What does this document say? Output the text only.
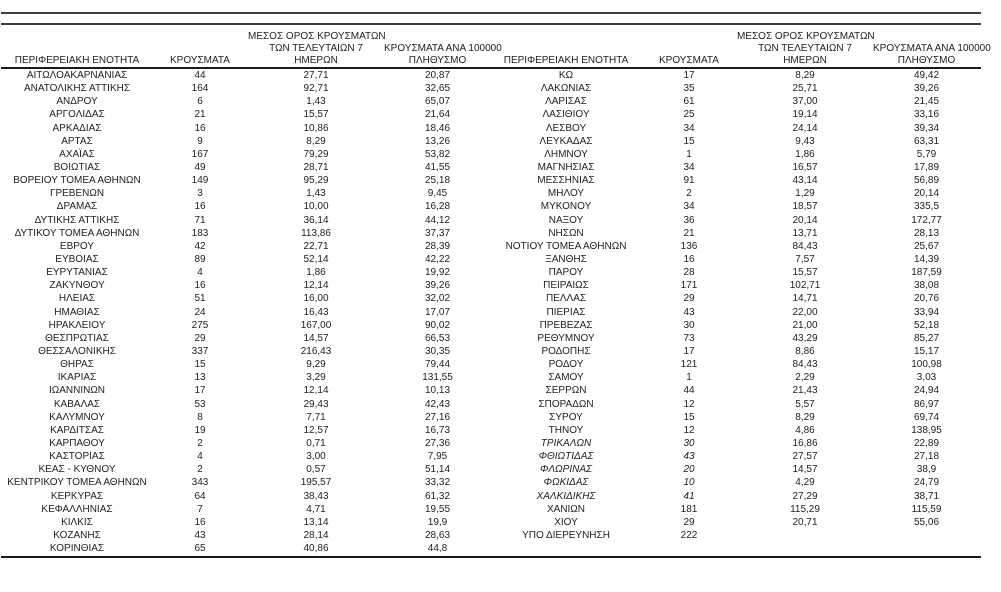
ΠΕΡΙΦΕΡΕΙΑΚΗ ΕΝΟΤΗΤΑ	ΚΡΟΥΣΜΑΤΑ
ΜΕΣΟΣ ΟΡΟΣ ΚΡΟΥΣΜΑΤΩΝ
ΤΩΝ ΤΕΛΕΥΤΑΙΩΝ 7
ΗΜΕΡΩΝ
ΚΡΟΥΣΜΑΤΑ ΑΝΑ 100000
ΠΛΗΘΥΣΜΟ
ΑΙΤΩΛΟΑΚΑΡΝΑΝΙΑΣ	44	27,71	20,87
ΑΝΑΤΟΛΙΚΗΣ ΑΤΤΙΚΗΣ	164	92,71	32,65
ΑΝΔΡΟΥ	6	1,43	65,07
ΑΡΓΟΛΙΔΑΣ	21	15,57	21,64
ΑΡΚΑΔΙΑΣ	16	10,86	18,46
ΑΡΤΑΣ	9	8,29	13,26
ΑΧΑΪΑΣ	167	79,29	53,82
ΒΟΙΩΤΙΑΣ	49	28,71	41,55
ΒΟΡΕΙΟΥ ΤΟΜΕΑ ΑΘΗΝΩΝ	149	95,29	25,18
ΓΡΕΒΕΝΩΝ	3	1,43	9,45
ΔΡΑΜΑΣ	16	10,00	16,28
ΔΥΤΙΚΗΣ ΑΤΤΙΚΗΣ	71	36,14	44,12
ΔΥΤΙΚΟΥ ΤΟΜΕΑ ΑΘΗΝΩΝ	183	113,86	37,37
ΕΒΡΟΥ	42	22,71	28,39
ΕΥΒΟΙΑΣ	89	52,14	42,22
ΕΥΡΥΤΑΝΙΑΣ	4	1,86	19,92
ΖΑΚΥΝΘΟΥ	16	12,14	39,26
ΗΛΕΙΑΣ	51	16,00	32,02
ΗΜΑΘΙΑΣ	24	16,43	17,07
ΗΡΑΚΛΕΙΟΥ	275	167,00	90,02
ΘΕΣΠΡΩΤΙΑΣ	29	14,57	66,53
ΘΕΣΣΑΛΟΝΙΚΗΣ	337	216,43	30,35
ΘΗΡΑΣ	15	9,29	79,44
ΙΚΑΡΙΑΣ	13	3,29	131,55
ΙΩΑΝΝΙΝΩΝ	17	12,14	10,13
ΚΑΒΑΛΑΣ	53	29,43	42,43
ΚΑΛΥΜΝΟΥ	8	7,71	27,16
ΚΑΡΔΙΤΣΑΣ	19	12,57	16,73
ΚΑΡΠΑΘΟΥ	2	0,71	27,36
ΚΑΣΤΟΡΙΑΣ	4	3,00	7,95
ΚΕΑΣ - ΚΥΘΝΟΥ	2	0,57	51,14
ΚΕΝΤΡΙΚΟΥ ΤΟΜΕΑ ΑΘΗΝΩΝ	343	195,57	33,32
ΚΕΡΚΥΡΑΣ	64	38,43	61,32
ΚΕΦΑΛΛΗΝΙΑΣ	7	4,71	19,55
ΚΙΛΚΙΣ	16	13,14	19,9
ΚΟΖΑΝΗΣ	43	28,14	28,63
ΚΟΡΙΝΘΙΑΣ	65	40,86	44,8
ΠΕΡΙΦΕΡΕΙΑΚΗ ΕΝΟΤΗΤΑ	ΚΡΟΥΣΜΑΤΑ
ΜΕΣΟΣ ΟΡΟΣ ΚΡΟΥΣΜΑΤΩΝ
ΤΩΝ ΤΕΛΕΥΤΑΙΩΝ 7
ΗΜΕΡΩΝ
ΚΡΟΥΣΜΑΤΑ ΑΝΑ 100000
ΠΛΗΘΥΣΜΟ
ΚΩ	17	8,29	49,42
ΛΑΚΩΝΙΑΣ	35	25,71	39,26
ΛΑΡΙΣΑΣ	61	37,00	21,45
ΛΑΣΙΘΙΟΥ	25	19,14	33,16
ΛΕΣΒΟΥ	34	24,14	39,34
ΛΕΥΚΑΔΑΣ	15	9,43	63,31
ΛΗΜΝΟΥ	1	1,86	5,79
ΜΑΓΝΗΣΙΑΣ	34	16,57	17,89
ΜΕΣΣΗΝΙΑΣ	91	43,14	56,89
ΜΗΛΟΥ	2	1,29	20,14
ΜΥΚΟΝΟΥ	34	18,57	335,5
ΝΑΞΟΥ	36	20,14	172,77
ΝΗΣΩΝ	21	13,71	28,13
ΝΟΤΙΟΥ ΤΟΜΕΑ ΑΘΗΝΩΝ	136	84,43	25,67
ΞΑΝΘΗΣ	16	7,57	14,39
ΠΑΡΟΥ	28	15,57	187,59
ΠΕΙΡΑΙΩΣ	171	102,71	38,08
ΠΕΛΛΑΣ	29	14,71	20,76
ΠΙΕΡΙΑΣ	43	22,00	33,94
ΠΡΕΒΕΖΑΣ	30	21,00	52,18
ΡΕΘΥΜΝΟΥ	73	43,29	85,27
ΡΟΔΟΠΗΣ	17	8,86	15,17
ΡΟΔΟΥ	121	84,43	100,98
ΣΑΜΟΥ	1	2,29	3,03
ΣΕΡΡΩΝ	44	21,43	24,94
ΣΠΟΡΑΔΩΝ	12	5,57	86,97
ΣΥΡΟΥ	15	8,29	69,74
ΤΗΝΟΥ	12	4,86	138,95
ΤΡΙΚΑΛΩΝ	30	16,86	22,89
ΦΘΙΩΤΙΔΑΣ	43	27,57	27,18
ΦΛΩΡΙΝΑΣ	20	14,57	38,9
ΦΩΚΙΔΑΣ	10	4,29	24,79
ΧΑΛΚΙΔΙΚΗΣ	41	27,29	38,71
ΧΑΝΙΩΝ	181	115,29	115,59
ΧΙΟΥ	29	20,71	55,06
ΥΠΟ ΔΙΕΡΕΥΝΗΣΗ	222
